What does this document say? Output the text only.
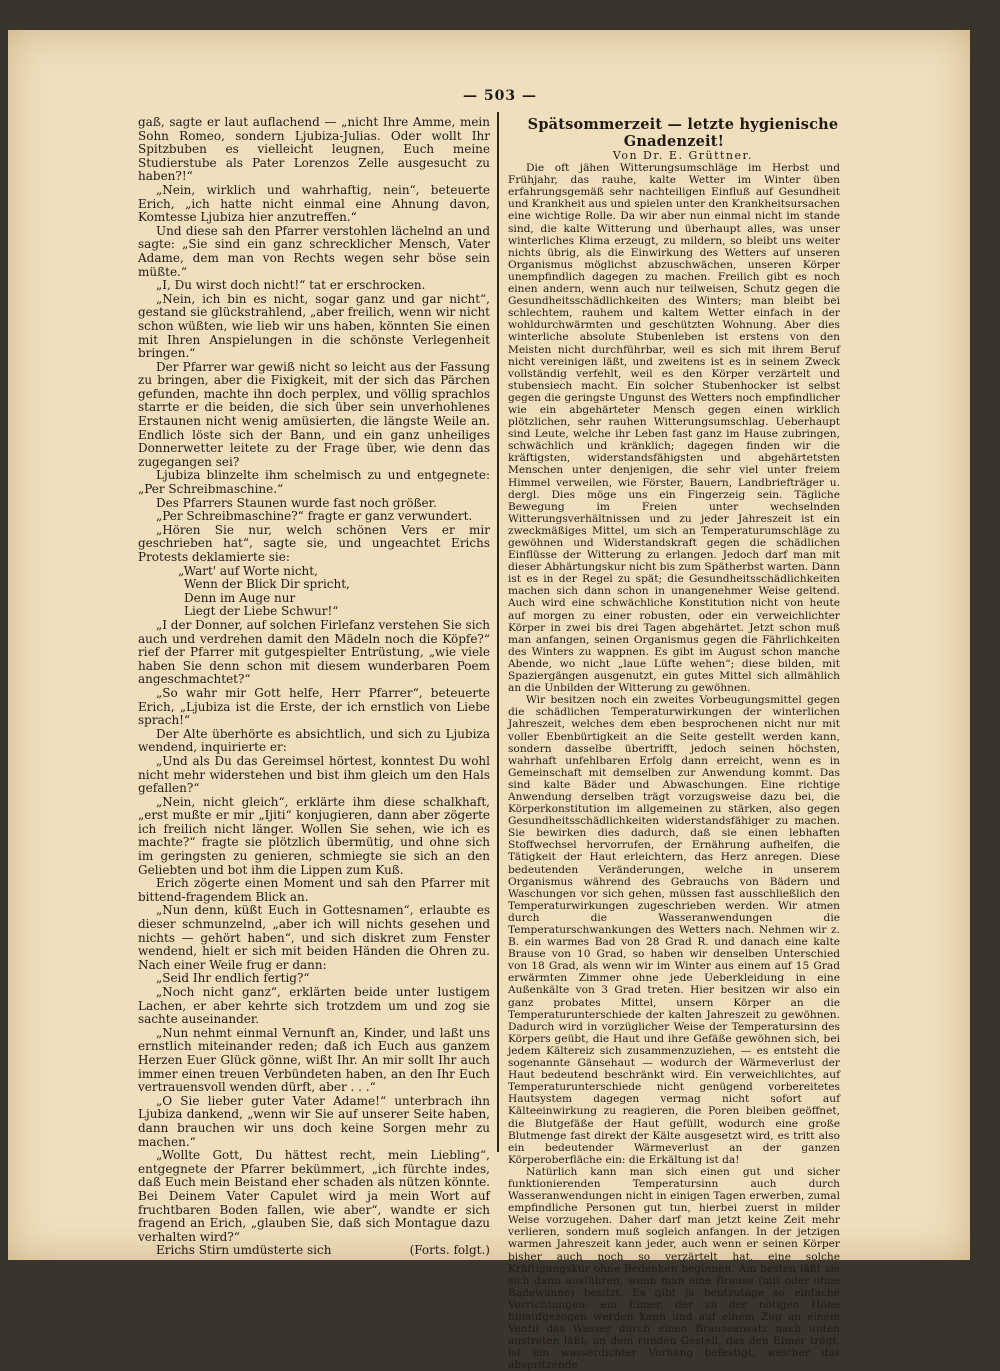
— 503 —

gaß, sagte er laut auflachend — „nicht Ihre Amme, mein Sohn Romeo, sondern Ljubiza-Julias. Oder wollt Ihr Spitzbuben es vielleicht leugnen, Euch meine Studierstube als Pater Lorenzos Zelle ausgesucht zu haben?!“

„Nein, wirklich und wahrhaftig, nein“, beteuerte Erich, „ich hatte nicht einmal eine Ahnung davon, Komtesse Ljubiza hier anzutreffen.“

Und diese sah den Pfarrer verstohlen lächelnd an und sagte: „Sie sind ein ganz schrecklicher Mensch, Vater Adame, dem man von Rechts wegen sehr böse sein müßte.“

„I, Du wirst doch nicht!“ tat er erschrocken.

„Nein, ich bin es nicht, sogar ganz und gar nicht“, gestand sie glückstrahlend, „aber freilich, wenn wir nicht schon wüßten, wie lieb wir uns haben, könnten Sie einen mit Ihren Anspielungen in die schönste Verlegenheit bringen.“

Der Pfarrer war gewiß nicht so leicht aus der Fassung zu bringen, aber die Fixigkeit, mit der sich das Pärchen gefunden, machte ihn doch perplex, und völlig sprachlos starrte er die beiden, die sich über sein unverhohlenes Erstaunen nicht wenig amüsierten, die längste Weile an. Endlich löste sich der Bann, und ein ganz unheiliges Donnerwetter leitete zu der Frage über, wie denn das zugegangen sei?

Ljubiza blinzelte ihm schelmisch zu und entgegnete: „Per Schreibmaschine.“

Des Pfarrers Staunen wurde fast noch größer.

„Per Schreibmaschine?“ fragte er ganz verwundert.

„Hören Sie nur, welch schönen Vers er mir geschrieben hat“, sagte sie, und ungeachtet Erichs Protests deklamierte sie:

„Wart' auf Worte nicht,
Wenn der Blick Dir spricht,
Denn im Auge nur
Liegt der Liebe Schwur!“

„I der Donner, auf solchen Firlefanz verstehen Sie sich auch und verdrehen damit den Mädeln noch die Köpfe?“ rief der Pfarrer mit gutgespielter Entrüstung, „wie viele haben Sie denn schon mit diesem wunderbaren Poem angeschmachtet?“

„So wahr mir Gott helfe, Herr Pfarrer“, beteuerte Erich, „Ljubiza ist die Erste, der ich ernstlich von Liebe sprach!“

Der Alte überhörte es absichtlich, und sich zu Ljubiza wendend, inquirierte er:

„Und als Du das Gereimsel hörtest, konntest Du wohl nicht mehr widerstehen und bist ihm gleich um den Hals gefallen?“

„Nein, nicht gleich“, erklärte ihm diese schalkhaft, „erst mußte er mir „Ijiti“ konjugieren, dann aber zögerte ich freilich nicht länger. Wollen Sie sehen, wie ich es machte?“ fragte sie plötzlich übermütig, und ohne sich im geringsten zu genieren, schmiegte sie sich an den Geliebten und bot ihm die Lippen zum Kuß.

Erich zögerte einen Moment und sah den Pfarrer mit bittend-fragendem Blick an.

„Nun denn, küßt Euch in Gottesnamen“, erlaubte es dieser schmunzelnd, „aber ich will nichts gesehen und nichts — gehört haben“, und sich diskret zum Fenster wendend, hielt er sich mit beiden Händen die Ohren zu. Nach einer Weile frug er dann:

„Seid Ihr endlich fertig?“

„Noch nicht ganz“, erklärten beide unter lustigem Lachen, er aber kehrte sich trotzdem um und zog sie sachte auseinander.

„Nun nehmt einmal Vernunft an, Kinder, und laßt uns ernstlich miteinander reden; daß ich Euch aus ganzem Herzen Euer Glück gönne, wißt Ihr. An mir sollt Ihr auch immer einen treuen Verbündeten haben, an den Ihr Euch vertrauensvoll wenden dürft, aber . . .“

„O Sie lieber guter Vater Adame!“ unterbrach ihn Ljubiza dankend, „wenn wir Sie auf unserer Seite haben, dann brauchen wir uns doch keine Sorgen mehr zu machen.“

„Wollte Gott, Du hättest recht, mein Liebling“, entgegnete der Pfarrer bekümmert, „ich fürchte indes, daß Euch mein Beistand eher schaden als nützen könnte. Bei Deinem Vater Capulet wird ja mein Wort auf fruchtbaren Boden fallen, wie aber“, wandte er sich fragend an Erich, „glauben Sie, daß sich Montague dazu verhalten wird?“

Erichs Stirn umdüsterte sich	(Forts. folgt.)

Spätsommerzeit — letzte hygienische Gnadenzeit!

Von Dr. E. Grüttner.

Die oft jähen Witterungsumschläge im Herbst und Frühjahr, das rauhe, kalte Wetter im Winter üben erfahrungsgemäß sehr nachteiligen Einfluß auf Gesundheit und Krankheit aus und spielen unter den Krankheitsursachen eine wichtige Rolle. Da wir aber nun einmal nicht im stande sind, die kalte Witterung und überhaupt alles, was unser winterliches Klima erzeugt, zu mildern, so bleibt uns weiter nichts übrig, als die Einwirkung des Wetters auf unseren Organismus möglichst abzuschwächen, unseren Körper unempfindlich dagegen zu machen. Freilich gibt es noch einen andern, wenn auch nur teilweisen, Schutz gegen die Gesundheitsschädlichkeiten des Winters; man bleibt bei schlechtem, rauhem und kaltem Wetter einfach in der wohldurchwärmten und geschützten Wohnung. Aber dies winterliche absolute Stubenleben ist erstens von den Meisten nicht durchführbar, weil es sich mit ihrem Beruf nicht vereinigen läßt, und zweitens ist es in seinem Zweck vollständig verfehlt, weil es den Körper verzärtelt und stubensiech macht. Ein solcher Stubenhocker ist selbst gegen die geringste Ungunst des Wetters noch empfindlicher wie ein abgehärteter Mensch gegen einen wirklich plötzlichen, sehr rauhen Witterungsumschlag. Ueberhaupt sind Leute, welche ihr Leben fast ganz im Hause zubringen, schwächlich und kränklich; dagegen finden wir die kräftigsten, widerstandsfähigsten und abgehärtetsten Menschen unter denjenigen, die sehr viel unter freiem Himmel verweilen, wie Förster, Bauern, Landbriefträger u. dergl. Dies möge uns ein Fingerzeig sein. Tägliche Bewegung im Freien unter wechselnden Witterungsverhältnissen und zu jeder Jahreszeit ist ein zweckmäßiges Mittel, um sich an Temperaturumschläge zu gewöhnen und Widerstandskraft gegen die schädlichen Einflüsse der Witterung zu erlangen. Jedoch darf man mit dieser Abhärtungskur nicht bis zum Spätherbst warten. Dann ist es in der Regel zu spät; die Gesundheitsschädlichkeiten machen sich dann schon in unangenehmer Weise geltend. Auch wird eine schwächliche Konstitution nicht von heute auf morgen zu einer robusten, oder ein verweichlichter Körper in zwei bis drei Tagen abgehärtet. Jetzt schon muß man anfangen, seinen Organismus gegen die Fährlichkeiten des Winters zu wappnen. Es gibt im August schon manche Abende, wo nicht „laue Lüfte wehen“; diese bilden, mit Spaziergängen ausgenutzt, ein gutes Mittel sich allmählich an die Unbilden der Witterung zu gewöhnen.

Wir besitzen noch ein zweites Vorbeugungsmittel gegen die schädlichen Temperaturwirkungen der winterlichen Jahreszeit, welches dem eben besprochenen nicht nur mit voller Ebenbürtigkeit an die Seite gestellt werden kann, sondern dasselbe übertrifft, jedoch seinen höchsten, wahrhaft unfehlbaren Erfolg dann erreicht, wenn es in Gemeinschaft mit demselben zur Anwendung kommt. Das sind kalte Bäder und Abwaschungen. Eine richtige Anwendung derselben trägt vorzugsweise dazu bei, die Körperkonstitution im allgemeinen zu stärken, also gegen Gesundheitsschädlichkeiten widerstandsfähiger zu machen. Sie bewirken dies dadurch, daß sie einen lebhaften Stoffwechsel hervorrufen, der Ernährung aufhelfen, die Tätigkeit der Haut erleichtern, das Herz anregen. Diese bedeutenden Veränderungen, welche in unserem Organismus während des Gebrauchs von Bädern und Waschungen vor sich gehen, müssen fast ausschließlich den Temperaturwirkungen zugeschrieben werden. Wir atmen durch die Wasseranwendungen die Temperaturschwankungen des Wetters nach. Nehmen wir z. B. ein warmes Bad von 28 Grad R. und danach eine kalte Brause von 10 Grad, so haben wir denselben Unterschied von 18 Grad, als wenn wir im Winter aus einem auf 15 Grad erwärmten Zimmer ohne jede Ueberkleidung in eine Außenkälte von 3 Grad treten. Hier besitzen wir also ein ganz probates Mittel, unsern Körper an die Temperaturunterschiede der kalten Jahreszeit zu gewöhnen. Dadurch wird in vorzüglicher Weise der Temperatursinn des Körpers geübt, die Haut und ihre Gefäße gewöhnen sich, bei jedem Kältereiz sich zusammenzuziehen, — es entsteht die sogenannte Gänsehaut — wodurch der Wärmeverlust der Haut bedeutend beschränkt wird. Ein verweichlichtes, auf Temperaturunterschiede nicht genügend vorbereitetes Hautsystem dagegen vermag nicht sofort auf Kälteeinwirkung zu reagieren, die Poren bleiben geöffnet, die Blutgefäße der Haut gefüllt, wodurch eine große Blutmenge fast direkt der Kälte ausgesetzt wird, es tritt also ein bedeutender Wärmeverlust an der ganzen Körperoberfläche ein: die Erkältung ist da!

Natürlich kann man sich einen gut und sicher funktionierenden Temperatursinn auch durch Wasseranwendungen nicht in einigen Tagen erwerben, zumal empfindliche Personen gut tun, hierbei zuerst in milder Weise vorzugehen. Daher darf man jetzt keine Zeit mehr verlieren, sondern muß sogleich anfangen. In der jetzigen warmen Jahreszeit kann jeder, auch wenn er seinen Körper bisher auch noch so verzärtelt hat, eine solche Kräftigungskur ohne Bedenken beginnen. Am besten läßt sie sich dann ausführen, wenn man eine Brause (mit oder ohne Badewanne) besitzt. Es gibt ja heutzutage so einfache Vorrichtungen: ein Eimer, der zu der nötigen Höhe hinaufgezogen werden kann und auf einem Zug an einem Ventil das Wasser durch einen Brauseansatz nach unten austreten läßt; an dem runden Gestell, das den Eimer trägt, ist ein wasserdichter Vorhang befestigt, welcher das abspritzende
